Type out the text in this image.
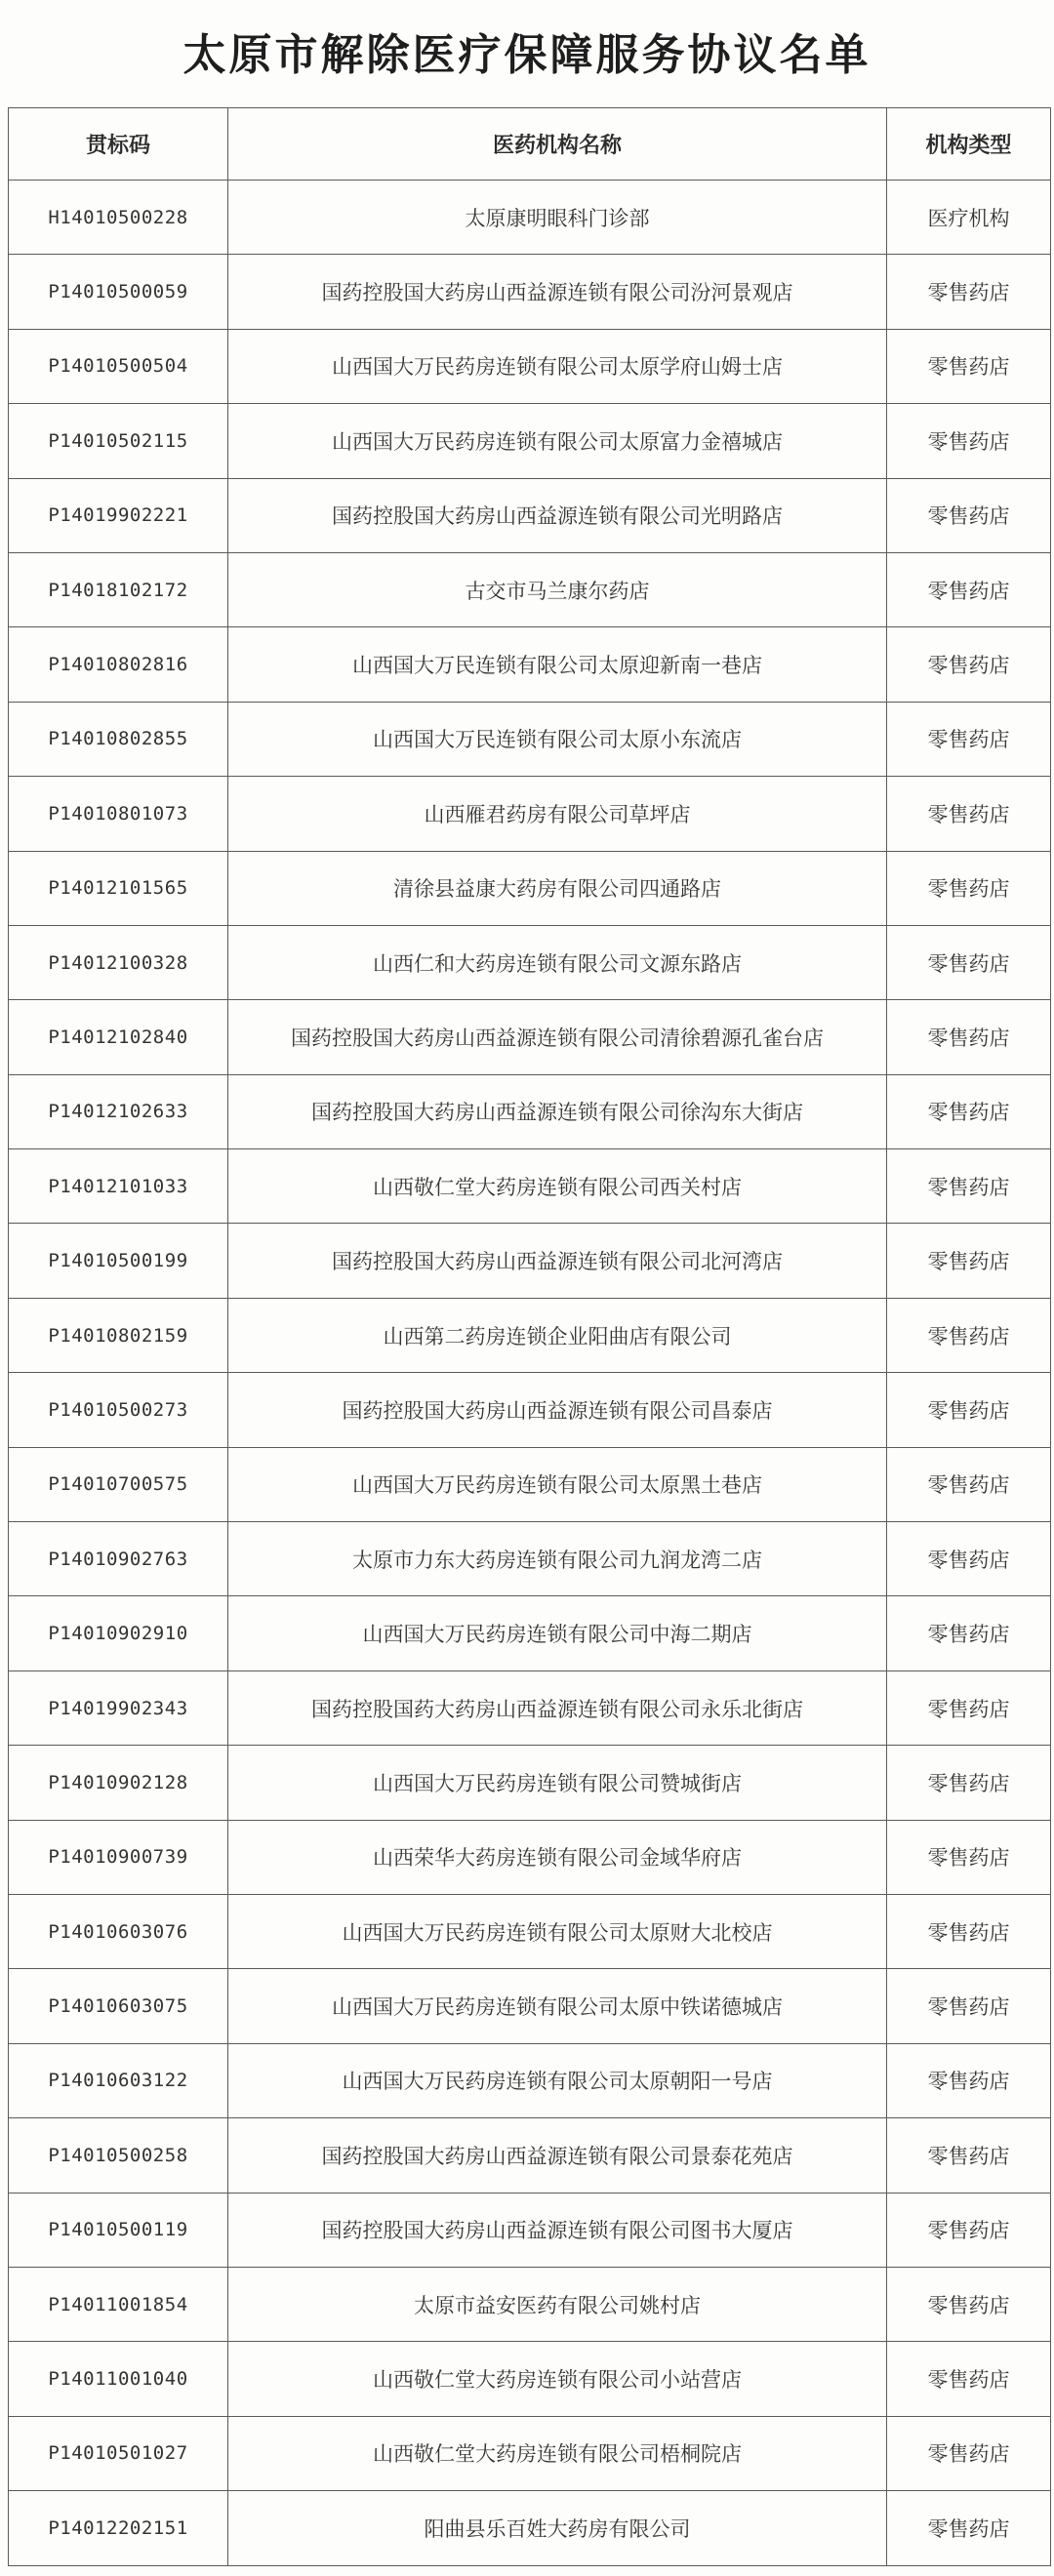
太原市解除医疗保障服务协议名单
贯标码	医药机构名称	机构类型
H14010500228	太原康明眼科门诊部	医疗机构
P14010500059	国药控股国大药房山西益源连锁有限公司汾河景观店	零售药店
P14010500504	山西国大万民药房连锁有限公司太原学府山姆士店	零售药店
P14010502115	山西国大万民药房连锁有限公司太原富力金禧城店	零售药店
P14019902221	国药控股国大药房山西益源连锁有限公司光明路店	零售药店
P14018102172	古交市马兰康尔药店	零售药店
P14010802816	山西国大万民连锁有限公司太原迎新南一巷店	零售药店
P14010802855	山西国大万民连锁有限公司太原小东流店	零售药店
P14010801073	山西雁君药房有限公司草坪店	零售药店
P14012101565	清徐县益康大药房有限公司四通路店	零售药店
P14012100328	山西仁和大药房连锁有限公司文源东路店	零售药店
P14012102840	国药控股国大药房山西益源连锁有限公司清徐碧源孔雀台店	零售药店
P14012102633	国药控股国大药房山西益源连锁有限公司徐沟东大街店	零售药店
P14012101033	山西敬仁堂大药房连锁有限公司西关村店	零售药店
P14010500199	国药控股国大药房山西益源连锁有限公司北河湾店	零售药店
P14010802159	山西第二药房连锁企业阳曲店有限公司	零售药店
P14010500273	国药控股国大药房山西益源连锁有限公司昌泰店	零售药店
P14010700575	山西国大万民药房连锁有限公司太原黑土巷店	零售药店
P14010902763	太原市力东大药房连锁有限公司九润龙湾二店	零售药店
P14010902910	山西国大万民药房连锁有限公司中海二期店	零售药店
P14019902343	国药控股国药大药房山西益源连锁有限公司永乐北街店	零售药店
P14010902128	山西国大万民药房连锁有限公司赞城街店	零售药店
P14010900739	山西荣华大药房连锁有限公司金域华府店	零售药店
P14010603076	山西国大万民药房连锁有限公司太原财大北校店	零售药店
P14010603075	山西国大万民药房连锁有限公司太原中铁诺德城店	零售药店
P14010603122	山西国大万民药房连锁有限公司太原朝阳一号店	零售药店
P14010500258	国药控股国大药房山西益源连锁有限公司景泰花苑店	零售药店
P14010500119	国药控股国大药房山西益源连锁有限公司图书大厦店	零售药店
P14011001854	太原市益安医药有限公司姚村店	零售药店
P14011001040	山西敬仁堂大药房连锁有限公司小站营店	零售药店
P14010501027	山西敬仁堂大药房连锁有限公司梧桐院店	零售药店
P14012202151	阳曲县乐百姓大药房有限公司	零售药店
